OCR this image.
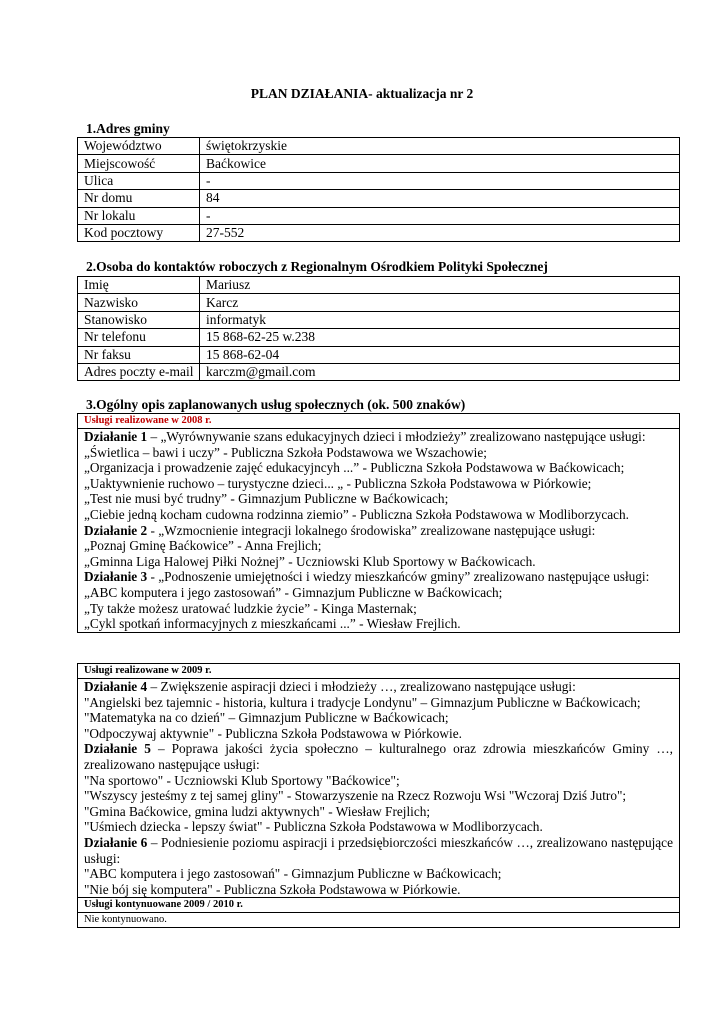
PLAN DZIAŁANIA- aktualizacja nr 2
1.Adres gminy
Województwo	świętokrzyskie
Miejscowość	Baćkowice
Ulica	-
Nr domu	84
Nr lokalu	-
Kod pocztowy	27-552
2.Osoba do kontaktów roboczych z Regionalnym Ośrodkiem Polityki Społecznej
Imię	Mariusz
Nazwisko	Karcz
Stanowisko	informatyk
Nr telefonu	15 868-62-25 w.238
Nr faksu	15 868-62-04
Adres poczty e-mail	karczm@gmail.com
3.Ogólny opis zaplanowanych usług społecznych (ok. 500 znaków)
Usługi realizowane w 2008 r.

Działanie 1 – „Wyrównywanie szans edukacyjnych dzieci i młodzieży” zrealizowano następujące usługi:

„Świetlica – bawi i uczy” - Publiczna Szkoła Podstawowa we Wszachowie;

„Organizacja i prowadzenie zajęć edukacyjncyh ...” - Publiczna Szkoła Podstawowa w Baćkowicach;

„Uaktywnienie ruchowo – turystyczne dzieci... „ - Publiczna Szkoła Podstawowa w Piórkowie;

„Test nie musi być trudny” - Gimnazjum Publiczne w Baćkowicach;

„Ciebie jedną kocham cudowna rodzinna ziemio” - Publiczna Szkoła Podstawowa w Modliborzycach.

Działanie 2 - „Wzmocnienie integracji lokalnego środowiska” zrealizowane następujące usługi:

„Poznaj Gminę Baćkowice” - Anna Frejlich;

„Gminna Liga Halowej Piłki Nożnej” - Uczniowski Klub Sportowy w Baćkowicach.

Działanie 3 - „Podnoszenie umiejętności i wiedzy mieszkańców gminy” zrealizowano następujące usługi:

„ABC komputera i jego zastosowań” - Gimnazjum Publiczne w Baćkowicach;

„Ty także możesz uratować ludzkie życie” - Kinga Masternak;

„Cykl spotkań informacyjnych z mieszkańcami ...” - Wiesław Frejlich.

Usługi realizowane w 2009 r.

Działanie 4 – Zwiększenie aspiracji dzieci i młodzieży …, zrealizowano następujące usługi:

"Angielski bez tajemnic - historia, kultura i tradycje Londynu" – Gimnazjum Publiczne w Baćkowicach;

"Matematyka na co dzień" – Gimnazjum Publiczne w Baćkowicach;

"Odpoczywaj aktywnie" - Publiczna Szkoła Podstawowa w Piórkowie.

Działanie 5 – Poprawa jakości życia społeczno – kulturalnego oraz zdrowia mieszkańców Gminy …, zrealizowano następujące usługi:

"Na sportowo" - Uczniowski Klub Sportowy "Baćkowice";

"Wszyscy jesteśmy z tej samej gliny" - Stowarzyszenie na Rzecz Rozwoju Wsi "Wczoraj Dziś Jutro";

"Gmina Baćkowice, gmina ludzi aktywnych" - Wiesław Frejlich;

"Uśmiech dziecka - lepszy świat" - Publiczna Szkoła Podstawowa w Modliborzycach.

Działanie 6 – Podniesienie poziomu aspiracji i przedsiębiorczości mieszkańców …, zrealizowano następujące usługi:

"ABC komputera i jego zastosowań" - Gimnazjum Publiczne w Baćkowicach;

"Nie bój się komputera" - Publiczna Szkoła Podstawowa w Piórkowie.

Usługi kontynuowane 2009 / 2010 r.
Nie kontynuowano.
